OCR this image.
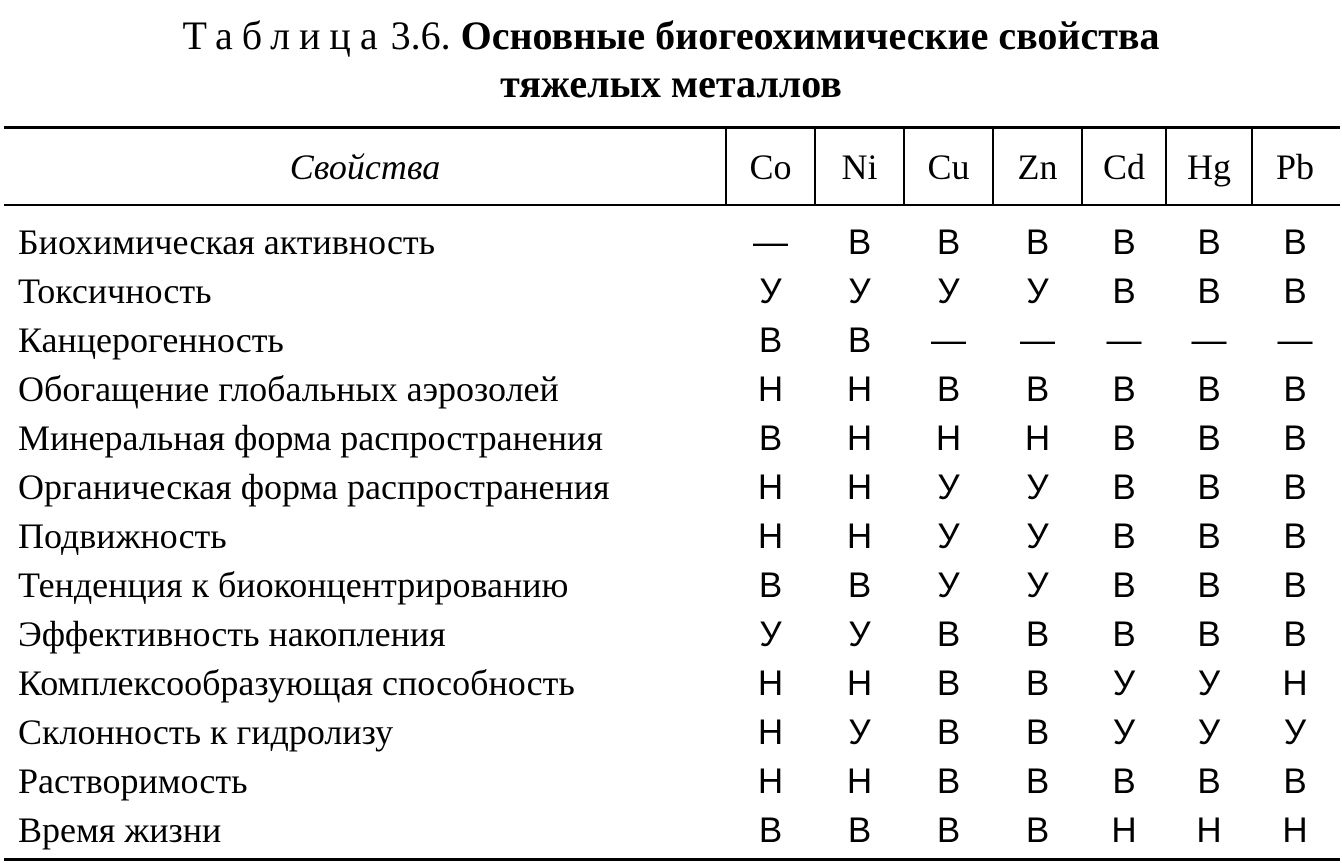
Таблица 3.6. Основные биогеохимические свойства
тяжелых металлов
Свойства	Co	Ni	Cu	Zn	Cd	Hg	Pb
Биохимическая активность	—	В	В	В	В	В	В
Токсичность	У	У	У	У	В	В	В
Канцерогенность	В	В	—	—	—	—	—
Обогащение глобальных аэрозолей	Н	Н	В	В	В	В	В
Минеральная форма распространения	В	Н	Н	Н	В	В	В
Органическая форма распространения	Н	Н	У	У	В	В	В
Подвижность	Н	Н	У	У	В	В	В
Тенденция к биоконцентрированию	В	В	У	У	В	В	В
Эффективность накопления	У	У	В	В	В	В	В
Комплексообразующая способность	Н	Н	В	В	У	У	Н
Склонность к гидролизу	Н	У	В	В	У	У	У
Растворимость	Н	Н	В	В	В	В	В
Время жизни	В	В	В	В	Н	Н	Н
